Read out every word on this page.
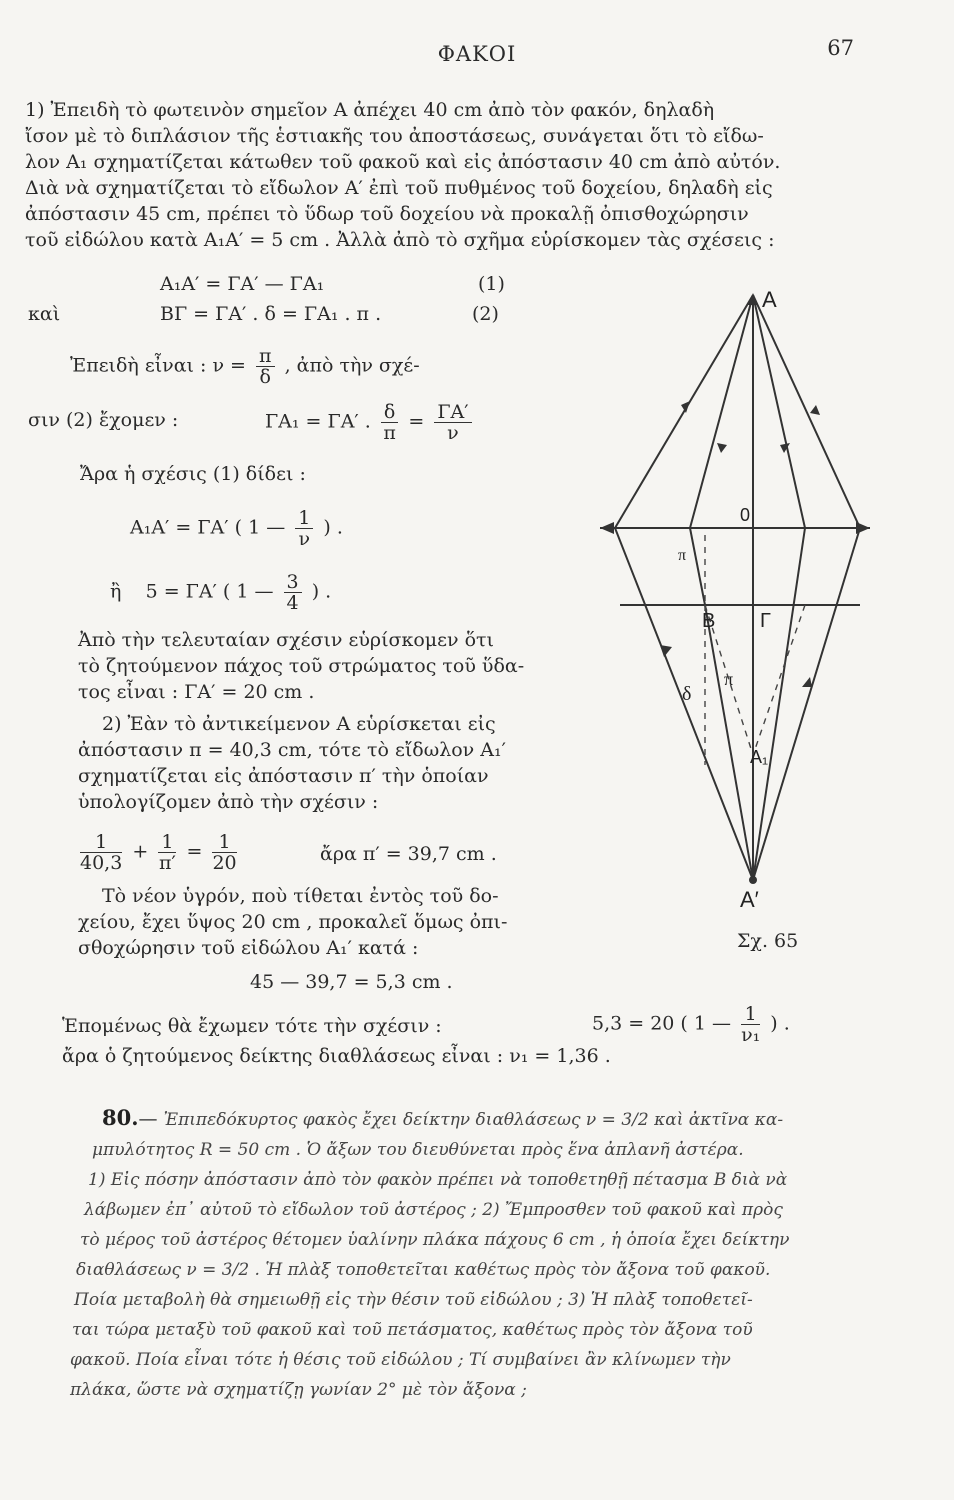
ΦΑΚΟΙ	67
1) Ἐπειδὴ τὸ φωτεινὸν σημεῖον Α ἀπέχει 40 cm ἀπὸ τὸν φακόν, δηλαδὴ
ἴσον μὲ τὸ διπλάσιον τῆς ἑστιακῆς του ἀποστάσεως, συνάγεται ὅτι τὸ εἴδω-
λον Α₁ σχηματίζεται κάτωθεν τοῦ φακοῦ καὶ εἰς ἀπόστασιν 40 cm ἀπὸ αὐτόν.
Διὰ νὰ σχηματίζεται τὸ εἴδωλον Α′ ἐπὶ τοῦ πυθμένος τοῦ δοχείου, δηλαδὴ εἰς
ἀπόστασιν 45 cm, πρέπει τὸ ὕδωρ τοῦ δοχείου νὰ προκαλῇ ὀπισθοχώρησιν
τοῦ εἰδώλου κατὰ Α₁Α′ = 5 cm . Ἀλλὰ ἀπὸ τὸ σχῆμα εὑρίσκομεν τὰς σχέσεις :
Α₁Α′ = ΓΑ′ — ΓΑ₁	(1)
καὶ	ΒΓ = ΓΑ′ . δ = ΓΑ₁ . π .	(2)
Ἐπειδὴ εἶναι : $\nu = \frac{\pi}{\delta}$ , ἀπὸ τὴν σχέ-
σιν (2) ἔχομεν :	ΓΑ₁ = ΓΑ′ . $\frac{\delta}{\pi} = \frac{\Gamma A'}{\nu}$
Ἄρα ἡ σχέσις (1) δίδει :
Α₁Α′ = ΓΑ′ ( 1 — $\frac{1}{\nu}$ ) .
ἢ 5 = ΓΑ′ ( 1 — $\frac{3}{4}$ ) .
Ἀπὸ τὴν τελευταίαν σχέσιν εὑρίσκομεν ὅτι
τὸ ζητούμενον πάχος τοῦ στρώματος τοῦ ὕδα-
τος εἶναι : ΓΑ′ = 20 cm .
2) Ἐὰν τὸ ἀντικείμενον Α εὑρίσκεται εἰς
ἀπόστασιν π = 40,3 cm, τότε τὸ εἴδωλον Α₁′
σχηματίζεται εἰς ἀπόστασιν π′ τὴν ὁποίαν
ὑπολογίζομεν ἀπὸ τὴν σχέσιν :
$\frac{1}{40,3} + \frac{1}{\pi'} = \frac{1}{20}$	ἄρα π′ = 39,7 cm .
Τὸ νέον ὑγρόν, ποὺ τίθεται ἐντὸς τοῦ δο-
χείου, ἔχει ὕψος 20 cm , προκαλεῖ ὅμως ὀπι-
σθοχώρησιν τοῦ εἰδώλου Α₁′ κατά :
45 — 39,7 = 5,3 cm .
Ἑπομένως θὰ ἔχωμεν τότε τὴν σχέσιν :	5,3 = 20 ( 1 — $\frac{1}{\text{ν₁}}$ ) .
ἄρα ὁ ζητούμενος δείκτης διαθλάσεως εἶναι : ν₁ = 1,36 .
A
0
B Γ
A₁
δ
π
π
A′
Σχ. 65
80.— Ἐπιπεδόκυρτος φακὸς ἔχει δείκτην διαθλάσεως ν = 3/2 καὶ ἀκτῖνα κα-
μπυλότητος R = 50 cm . Ὁ ἄξων του διευθύνεται πρὸς ἕνα ἀπλανῆ ἀστέρα.
1) Εἰς πόσην ἀπόστασιν ἀπὸ τὸν φακὸν πρέπει νὰ τοποθετηθῇ πέτασμα Β διὰ νὰ
λάβωμεν ἐπ᾽ αὐτοῦ τὸ εἴδωλον τοῦ ἀστέρος ; 2) Ἔμπροσθεν τοῦ φακοῦ καὶ πρὸς
τὸ μέρος τοῦ ἀστέρος θέτομεν ὑαλίνην πλάκα πάχους 6 cm , ἡ ὁποία ἔχει δείκτην
διαθλάσεως ν = 3/2 . Ἡ πλὰξ τοποθετεῖται καθέτως πρὸς τὸν ἄξονα τοῦ φακοῦ.
Ποία μεταβολὴ θὰ σημειωθῇ εἰς τὴν θέσιν τοῦ εἰδώλου ; 3) Ἡ πλὰξ τοποθετεῖ-
ται τώρα μεταξὺ τοῦ φακοῦ καὶ τοῦ πετάσματος, καθέτως πρὸς τὸν ἄξονα τοῦ
φακοῦ. Ποία εἶναι τότε ἡ θέσις τοῦ εἰδώλου ; Τί συμβαίνει ἂν κλίνωμεν τὴν
πλάκα, ὥστε νὰ σχηματίζῃ γωνίαν 2° μὲ τὸν ἄξονα ;
